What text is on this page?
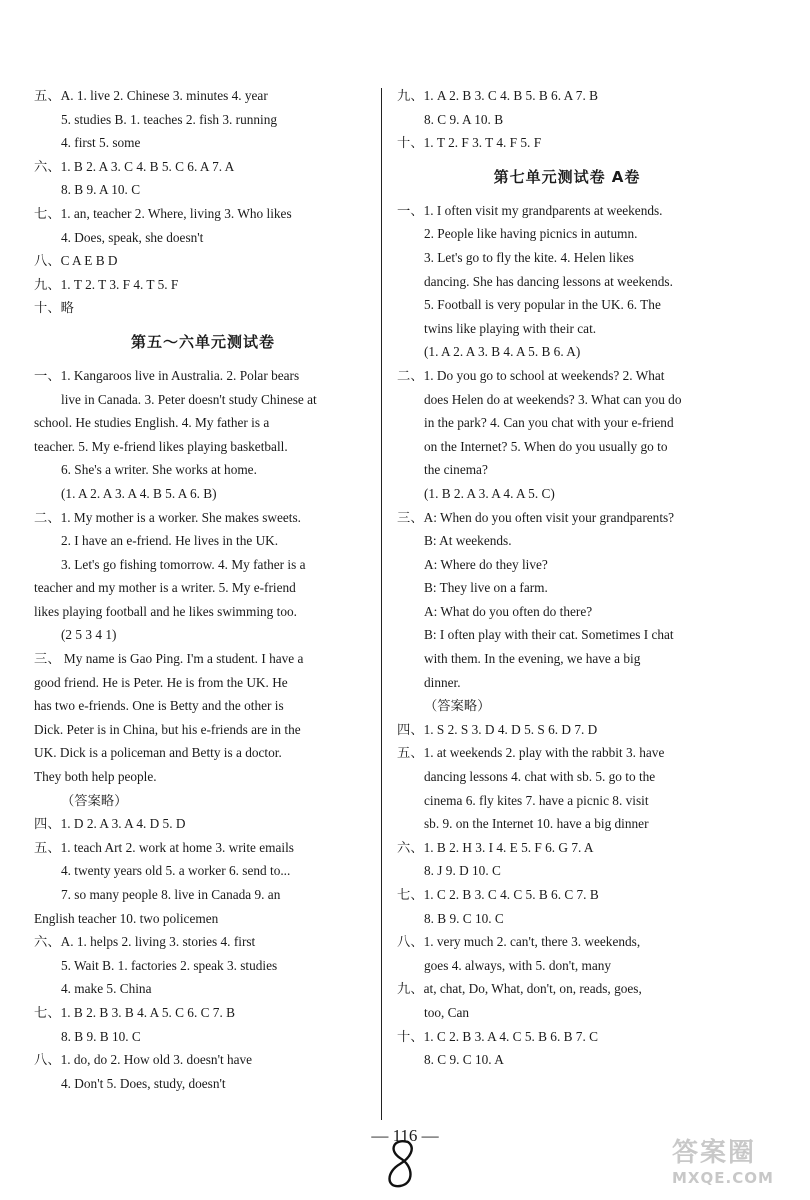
五、A. 1. live 2. Chinese 3. minutes 4. year
5. studies B. 1. teaches 2. fish 3. running
4. first 5. some
六、1. B 2. A 3. C 4. B 5. C 6. A 7. A
8. B 9. A 10. C
七、1. an, teacher 2. Where, living 3. Who likes
4. Does, speak, she doesn't
八、C A E B D
九、1. T 2. T 3. F 4. T 5. F
十、略
第五～六单元测试卷
一、1. Kangaroos live in Australia. 2. Polar bears
live in Canada. 3. Peter doesn't study Chinese at
school. He studies English. 4. My father is a
teacher. 5. My e-friend likes playing basketball.
6. She's a writer. She works at home.
(1. A 2. A 3. A 4. B 5. A 6. B)
二、1. My mother is a worker. She makes sweets.
2. I have an e-friend. He lives in the UK.
3. Let's go fishing tomorrow. 4. My father is a
teacher and my mother is a writer. 5. My e-friend
likes playing football and he likes swimming too.
(2 5 3 4 1)
三、 My name is Gao Ping. I'm a student. I have a
good friend. He is Peter. He is from the UK. He
has two e-friends. One is Betty and the other is
Dick. Peter is in China, but his e-friends are in the
UK. Dick is a policeman and Betty is a doctor.
They both help people.
（答案略）
四、1. D 2. A 3. A 4. D 5. D
五、1. teach Art 2. work at home 3. write emails
4. twenty years old 5. a worker 6. send to...
7. so many people 8. live in Canada 9. an
English teacher 10. two policemen
六、A. 1. helps 2. living 3. stories 4. first
5. Wait B. 1. factories 2. speak 3. studies
4. make 5. China
七、1. B 2. B 3. B 4. A 5. C 6. C 7. B
8. B 9. B 10. C
八、1. do, do 2. How old 3. doesn't have
4. Don't 5. Does, study, doesn't
九、1. A 2. B 3. C 4. B 5. B 6. A 7. B
8. C 9. A 10. B
十、1. T 2. F 3. T 4. F 5. F
第七单元测试卷 A卷
一、1. I often visit my grandparents at weekends.
2. People like having picnics in autumn.
3. Let's go to fly the kite. 4. Helen likes
dancing. She has dancing lessons at weekends.
5. Football is very popular in the UK. 6. The
twins like playing with their cat.
(1. A 2. A 3. B 4. A 5. B 6. A)
二、1. Do you go to school at weekends? 2. What
does Helen do at weekends? 3. What can you do
in the park? 4. Can you chat with your e-friend
on the Internet? 5. When do you usually go to
the cinema?
(1. B 2. A 3. A 4. A 5. C)
三、A: When do you often visit your grandparents?
B: At weekends.
A: Where do they live?
B: They live on a farm.
A: What do you often do there?
B: I often play with their cat. Sometimes I chat
with them. In the evening, we have a big
dinner.
（答案略）
四、1. S 2. S 3. D 4. D 5. S 6. D 7. D
五、1. at weekends 2. play with the rabbit 3. have
dancing lessons 4. chat with sb. 5. go to the
cinema 6. fly kites 7. have a picnic 8. visit
sb. 9. on the Internet 10. have a big dinner
六、1. B 2. H 3. I 4. E 5. F 6. G 7. A
8. J 9. D 10. C
七、1. C 2. B 3. C 4. C 5. B 6. C 7. B
8. B 9. C 10. C
八、1. very much 2. can't, there 3. weekends,
goes 4. always, with 5. don't, many
九、at, chat, Do, What, don't, on, reads, goes,
too, Can
十、1. C 2. B 3. A 4. C 5. B 6. B 7. C
8. C 9. C 10. A
— 116 —
答案圈
MXQE.COM
